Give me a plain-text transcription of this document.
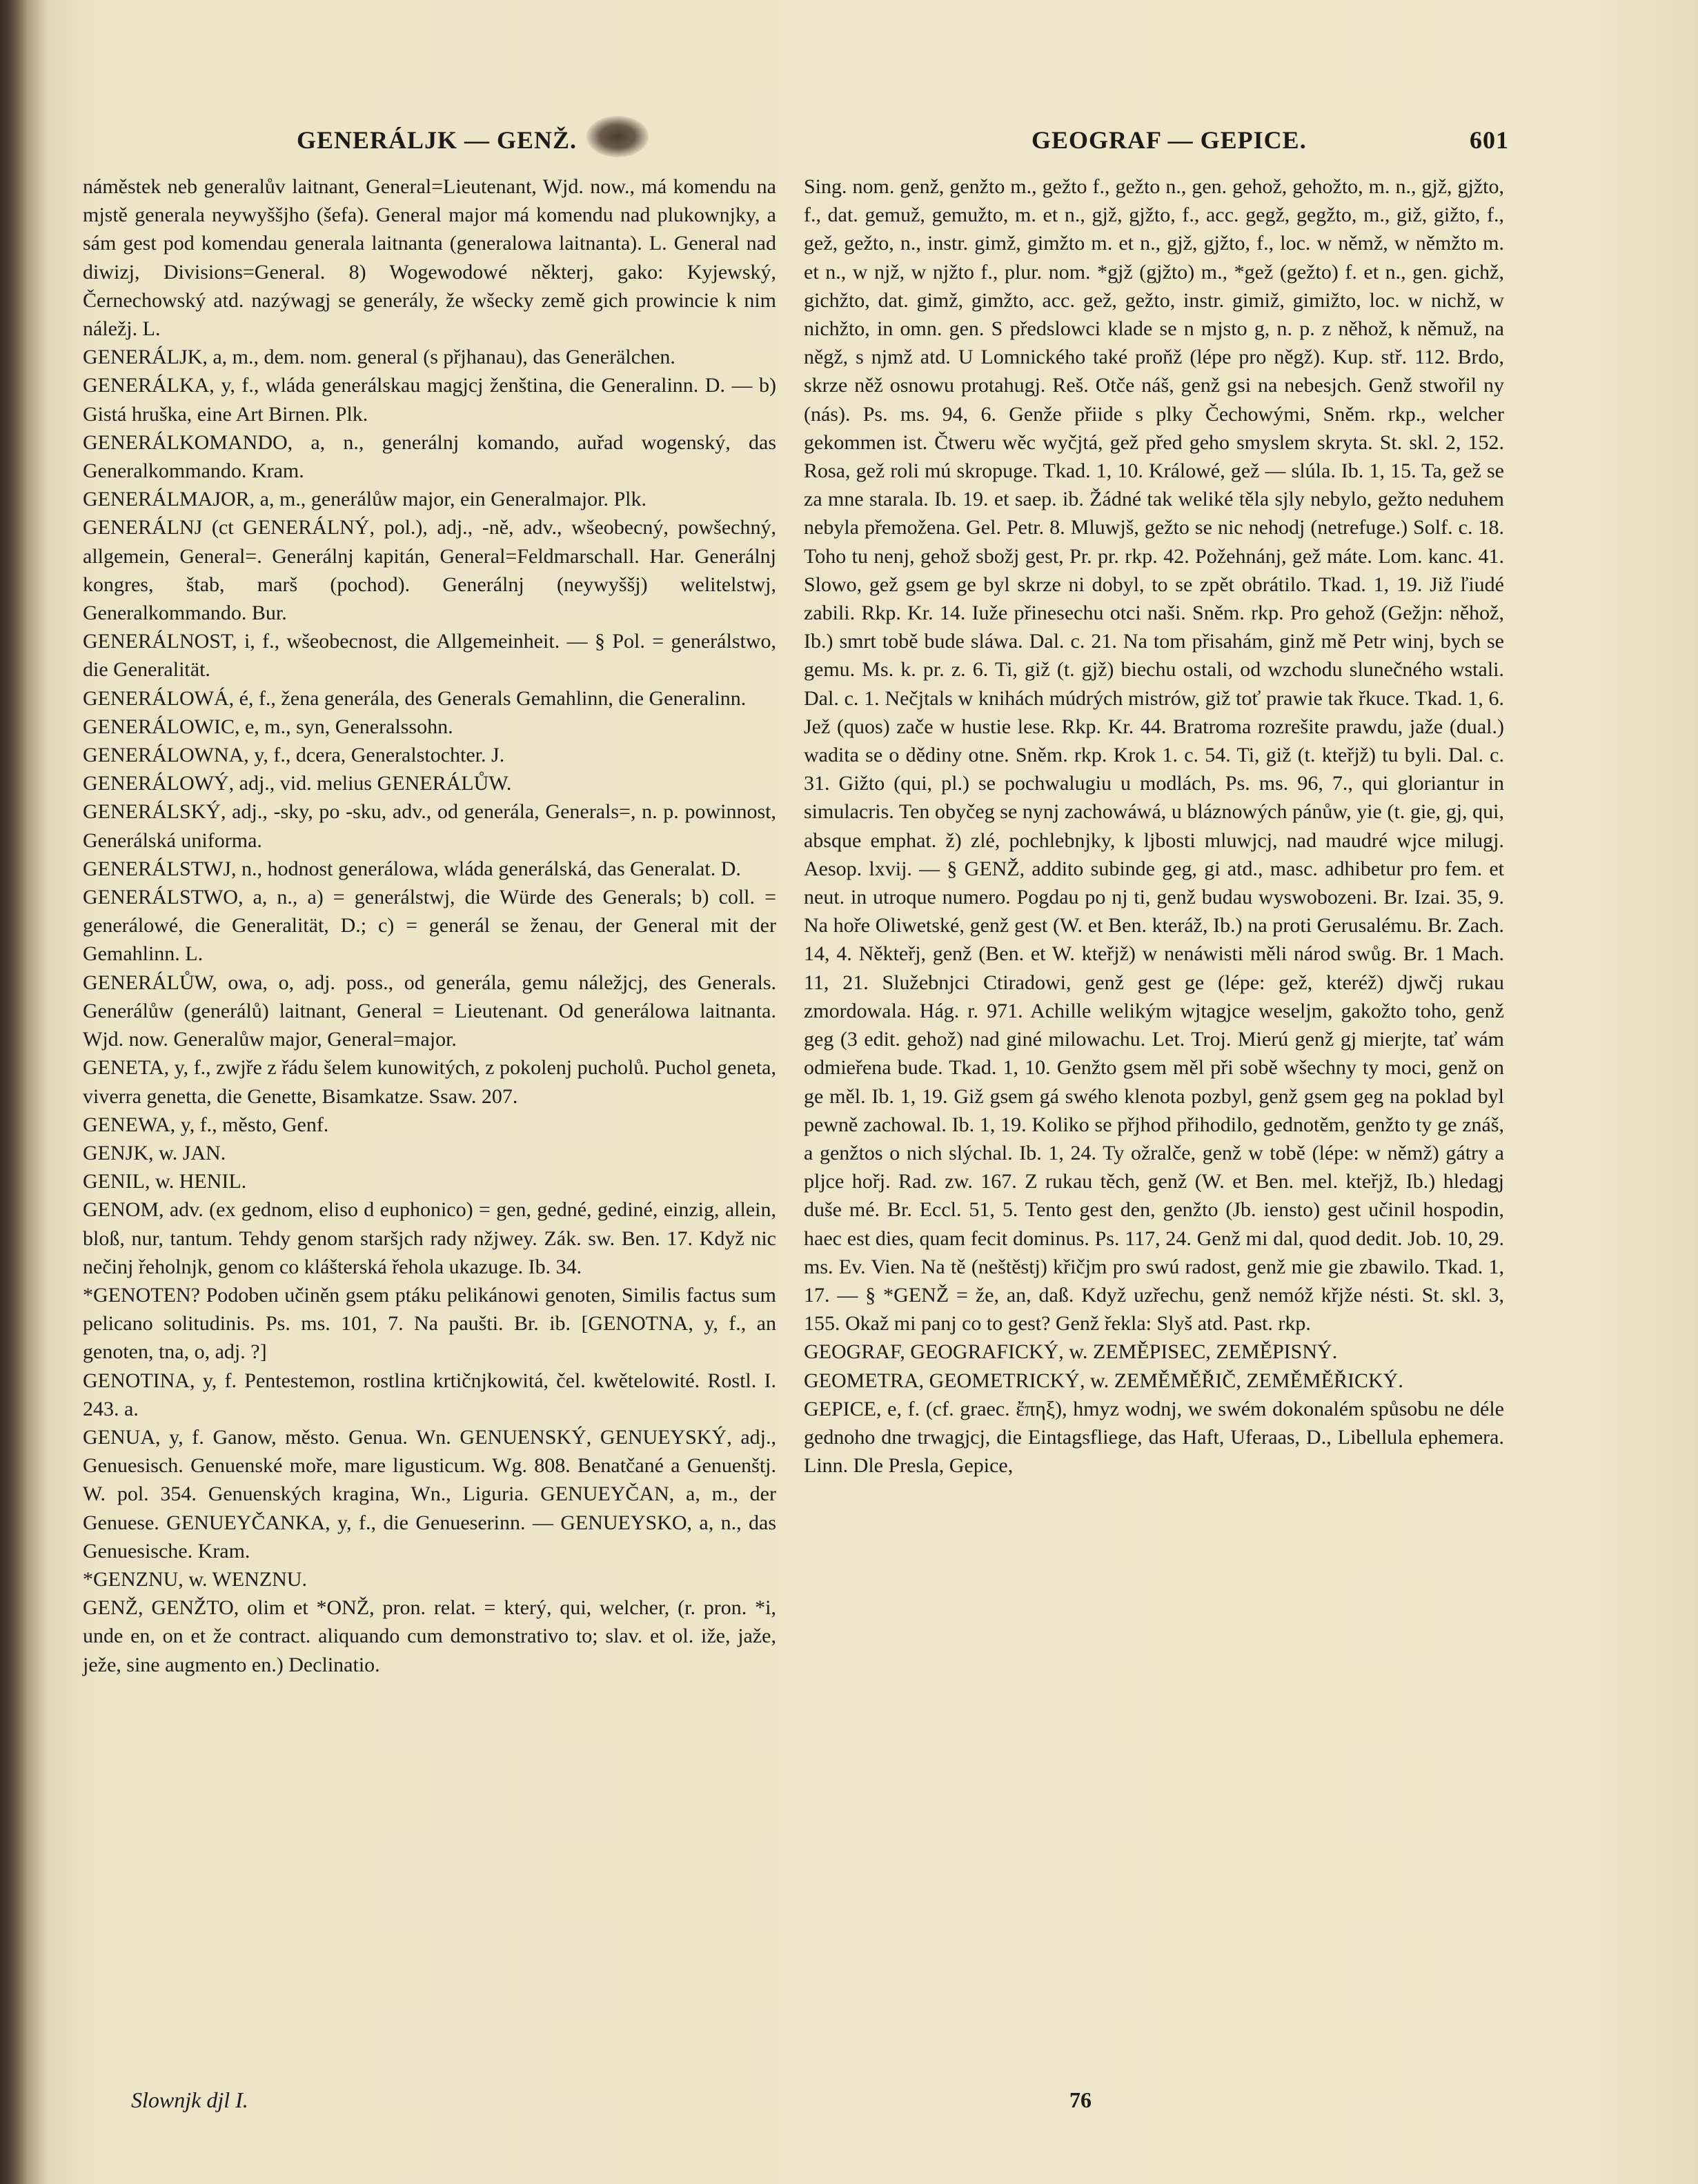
GENERÁLJK — GENŽ.	GEOGRAF — GEPICE.	601

náměstek neb generalův laitnant, General=Lieutenant, Wjd. now., má komendu na mjstě generala neywyššjho (šefa). General major má komendu nad plukownjky, a sám gest pod komendau generala laitnanta (generalowa laitnanta). L. General nad diwizj, Divisions=General. 8) Wogewodowé některj, gako: Kyjewský, Černechowský atd. nazýwagj se generály, že wšecky země gich prowincie k nim náležj. L.

GENERÁLJK, a, m., dem. nom. general (s přjhanau), das Generälchen.

GENERÁLKA, y, f., wláda generálskau magjcj ženština, die Generalinn. D. — b) Gistá hruška, eine Art Birnen. Plk.

GENERÁLKOMANDO, a, n., generálnj komando, auřad wogenský, das Generalkommando. Kram.

GENERÁLMAJOR, a, m., generálůw major, ein Generalmajor. Plk.

GENERÁLNJ (ct GENERÁLNÝ, pol.), adj., -ně, adv., wšeobecný, powšechný, allgemein, General=. Generálnj kapitán, General=Feldmarschall. Har. Generálnj kongres, štab, marš (pochod). Generálnj (neywyššj) welitelstwj, Generalkommando. Bur.

GENERÁLNOST, i, f., wšeobecnost, die Allgemeinheit. — § Pol. = generálstwo, die Generalität.

GENERÁLOWÁ, é, f., žena generála, des Generals Gemahlinn, die Generalinn.

GENERÁLOWIC, e, m., syn, Generalssohn.

GENERÁLOWNA, y, f., dcera, Generalstochter. J.

GENERÁLOWÝ, adj., vid. melius GENERÁLŮW.

GENERÁLSKÝ, adj., -sky, po -sku, adv., od generála, Generals=, n. p. powinnost, Generálská uniforma.

GENERÁLSTWJ, n., hodnost generálowa, wláda generálská, das Generalat. D.

GENERÁLSTWO, a, n., a) = generálstwj, die Würde des Generals; b) coll. = generálowé, die Generalität, D.; c) = generál se ženau, der General mit der Gemahlinn. L.

GENERÁLŮW, owa, o, adj. poss., od generála, gemu náležjcj, des Generals. Generálůw (generálů) laitnant, General = Lieutenant. Od generálowa laitnanta. Wjd. now. Generalůw major, General=major.

GENETA, y, f., zwjře z řádu šelem kunowitých, z pokolenj pucholů. Puchol geneta, viverra genetta, die Genette, Bisamkatze. Ssaw. 207.

GENEWA, y, f., město, Genf.

GENJK, w. JAN.

GENIL, w. HENIL.

GENOM, adv. (ex gednom, eliso d euphonico) = gen, gedné, gediné, einzig, allein, bloß, nur, tantum. Tehdy genom staršjch rady nžjwey. Zák. sw. Ben. 17. Když nic nečinj řeholnjk, genom co klášterská řehola ukazuge. Ib. 34.

*GENOTEN? Podoben učiněn gsem ptáku pelikánowi genoten, Similis factus sum pelicano solitudinis. Ps. ms. 101, 7. Na paušti. Br. ib. [GENOTNA, y, f., an genoten, tna, o, adj. ?]

GENOTINA, y, f. Pentestemon, rostlina krtičnjkowitá, čel. kwětelowité. Rostl. I. 243. a.

GENUA, y, f. Ganow, město. Genua. Wn. GENUENSKÝ, GENUEYSKÝ, adj., Genuesisch. Genuenské moře, mare ligusticum. Wg. 808. Benatčané a Genuenštj. W. pol. 354. Genuenských kragina, Wn., Liguria. GENUEYČAN, a, m., der Genuese. GENUEYČANKA, y, f., die Genueserinn. — GENUEYSKO, a, n., das Genuesische. Kram.

*GENZNU, w. WENZNU.

GENŽ, GENŽTO, olim et *ONŽ, pron. relat. = který, qui, welcher, (r. pron. *i, unde en, on et že contract. aliquando cum demonstrativo to; slav. et ol. iže, jaže, ježe, sine augmento en.) Declinatio.

Sing. nom. genž, genžto m., gežto f., gežto n., gen. gehož, gehožto, m. n., gjž, gjžto, f., dat. gemuž, gemužto, m. et n., gjž, gjžto, f., acc. gegž, gegžto, m., giž, gižto, f., gež, gežto, n., instr. gimž, gimžto m. et n., gjž, gjžto, f., loc. w němž, w němžto m. et n., w njž, w njžto f., plur. nom. *gjž (gjžto) m., *gež (gežto) f. et n., gen. gichž, gichžto, dat. gimž, gimžto, acc. gež, gežto, instr. gimiž, gimižto, loc. w nichž, w nichžto, in omn. gen. S předslowci klade se n mjsto g, n. p. z něhož, k němuž, na něgž, s njmž atd. U Lomnického také proňž (lépe pro něgž). Kup. stř. 112. Brdo, skrze něž osnowu protahugj. Reš. Otče náš, genž gsi na nebesjch. Genž stwořil ny (nás). Ps. ms. 94, 6. Genže přiide s plky Čechowými, Sněm. rkp., welcher gekommen ist. Čtweru wěc wyčjtá, gež před geho smyslem skryta. St. skl. 2, 152. Rosa, gež roli mú skropuge. Tkad. 1, 10. Králowé, gež — slúla. Ib. 1, 15. Ta, gež se za mne starala. Ib. 19. et saep. ib. Žádné tak weliké těla sjly nebylo, gežto neduhem nebyla přemožena. Gel. Petr. 8. Mluwjš, gežto se nic nehodj (netrefuge.) Solf. c. 18. Toho tu nenj, gehož sbožj gest, Pr. pr. rkp. 42. Požehnánj, gež máte. Lom. kanc. 41. Slowo, gež gsem ge byl skrze ni dobyl, to se zpět obrátilo. Tkad. 1, 19. Již ľiudé zabili. Rkp. Kr. 14. Iuže přinesechu otci naši. Sněm. rkp. Pro gehož (Gežjn: něhož, Ib.) smrt tobě bude sláwa. Dal. c. 21. Na tom přisahám, ginž mě Petr winj, bych se gemu. Ms. k. pr. z. 6. Ti, giž (t. gjž) biechu ostali, od wzchodu slunečného wstali. Dal. c. 1. Nečjtals w knihách múdrých mistrów, giž toť prawie tak řkuce. Tkad. 1, 6. Jež (quos) zače w hustie lese. Rkp. Kr. 44. Bratroma rozrešite prawdu, jaže (dual.) wadita se o dědiny otne. Sněm. rkp. Krok 1. c. 54. Ti, giž (t. kteřjž) tu byli. Dal. c. 31. Gižto (qui, pl.) se pochwalugiu u modlách, Ps. ms. 96, 7., qui gloriantur in simulacris. Ten obyčeg se nynj zachowáwá, u bláznowých pánůw, yie (t. gie, gj, qui, absque emphat. ž) zlé, pochlebnjky, k ljbosti mluwjcj, nad maudré wjce milugj. Aesop. lxvij. — § GENŽ, addito subinde geg, gi atd., masc. adhibetur pro fem. et neut. in utroque numero. Pogdau po nj ti, genž budau wyswobozeni. Br. Izai. 35, 9. Na hoře Oliwetské, genž gest (W. et Ben. kteráž, Ib.) na proti Gerusalému. Br. Zach. 14, 4. Někteřj, genž (Ben. et W. kteřjž) w nenáwisti měli národ swůg. Br. 1 Mach. 11, 21. Služebnjci Ctiradowi, genž gest ge (lépe: gež, kteréž) djwčj rukau zmordowala. Hág. r. 971. Achille welikým wjtagjce weseljm, gakožto toho, genž geg (3 edit. gehož) nad giné milowachu. Let. Troj. Mierú genž gj mierjte, tať wám odmieřena bude. Tkad. 1, 10. Genžto gsem měl při sobě wšechny ty moci, genž on ge měl. Ib. 1, 19. Giž gsem gá swého klenota pozbyl, genž gsem geg na poklad byl pewně zachowal. Ib. 1, 19. Koliko se přjhod přihodilo, gednotěm, genžto ty ge znáš, a genžtos o nich slýchal. Ib. 1, 24. Ty ožralče, genž w tobě (lépe: w němž) gátry a pljce hořj. Rad. zw. 167. Z rukau těch, genž (W. et Ben. mel. kteřjž, Ib.) hledagj duše mé. Br. Eccl. 51, 5. Tento gest den, genžto (Jb. iensto) gest učinil hospodin, haec est dies, quam fecit dominus. Ps. 117, 24. Genž mi dal, quod dedit. Job. 10, 29. ms. Ev. Vien. Na tě (neštěstj) křičjm pro swú radost, genž mie gie zbawilo. Tkad. 1, 17. — § *GENŽ = že, an, daß. Když uzřechu, genž nemóž křjže nésti. St. skl. 3, 155. Okaž mi panj co to gest? Genž řekla: Slyš atd. Past. rkp.

GEOGRAF, GEOGRAFICKÝ, w. ZEMĚPISEC, ZEMĚPISNÝ.

GEOMETRA, GEOMETRICKÝ, w. ZEMĚMĚŘIČ, ZEMĚMĚŘICKÝ.

GEPICE, e, f. (cf. graec. ἔπηξ), hmyz wodnj, we swém dokonalém spůsobu ne déle gednoho dne trwagjcj, die Eintagsfliege, das Haft, Uferaas, D., Libellula ephemera. Linn. Dle Presla, Gepice,

Slownjk djl I.	76
